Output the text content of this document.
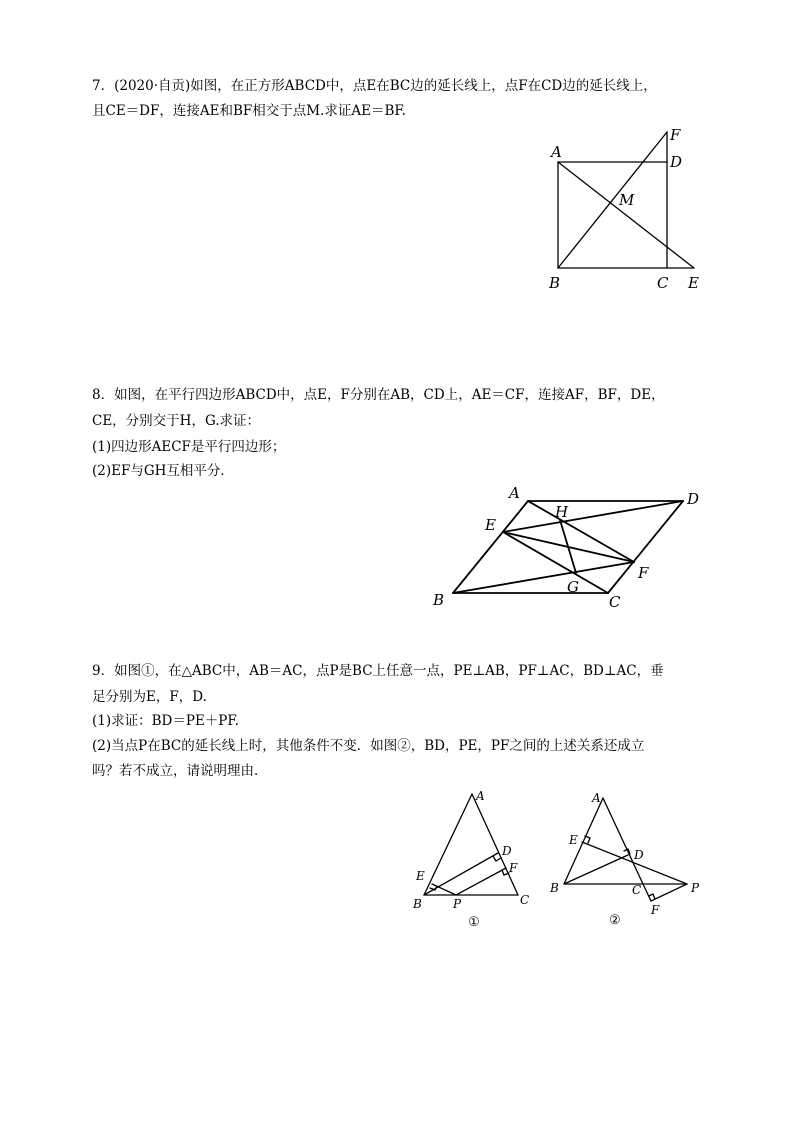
7．(2020·自贡)如图，在正方形ABCD中，点E在BC边的延长线上，点F在CD边的延长线上，
且CE＝DF，连接AE和BF相交于点M.求证AE＝BF.
A
D
F
M
B	C E
8．如图，在平行四边形ABCD中，点E，F分别在AB，CD上，AE＝CF，连接AF，BF，DE，
CE，分别交于H，G.求证：
(1)四边形AECF是平行四边形；
(2)EF与GH互相平分．
A	D
H
E
F
G
B	C
9．如图①，在△ABC中，AB＝AC，点P是BC上任意一点，PE⊥AB，PF⊥AC，BD⊥AC，垂
足分别为E，F，D.
(1)求证：BD＝PE＋PF.
(2)当点P在BC的延长线上时，其他条件不变．如图②，BD，PE，PF之间的上述关系还成立
吗？若不成立，请说明理由．
A
D
F
E
B	P	C
①
A
E
D
B	C	P
F
②
